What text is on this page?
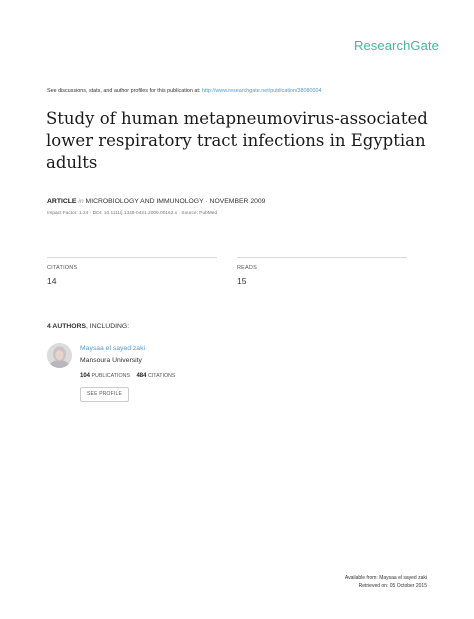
ResearchGate
See discussions, stats, and author profiles for this publication at: http://www.researchgate.net/publication/38080004
Study of human metapneumovirus-associated lower respiratory tract infections in Egyptian adults
ARTICLE in MICROBIOLOGY AND IMMUNOLOGY · NOVEMBER 2009
Impact Factor: 1.24 · DOI: 10.1111/j.1348-0421.2009.00162.x · Source: PubMed
CITATIONS
14
READS
15
4 AUTHORS, INCLUDING:
Maysaa el sayed zaki
Mansoura University
104 PUBLICATIONS 484 CITATIONS
SEE PROFILE
Available from: Maysaa el sayed zaki
Retrieved on: 05 October 2015
